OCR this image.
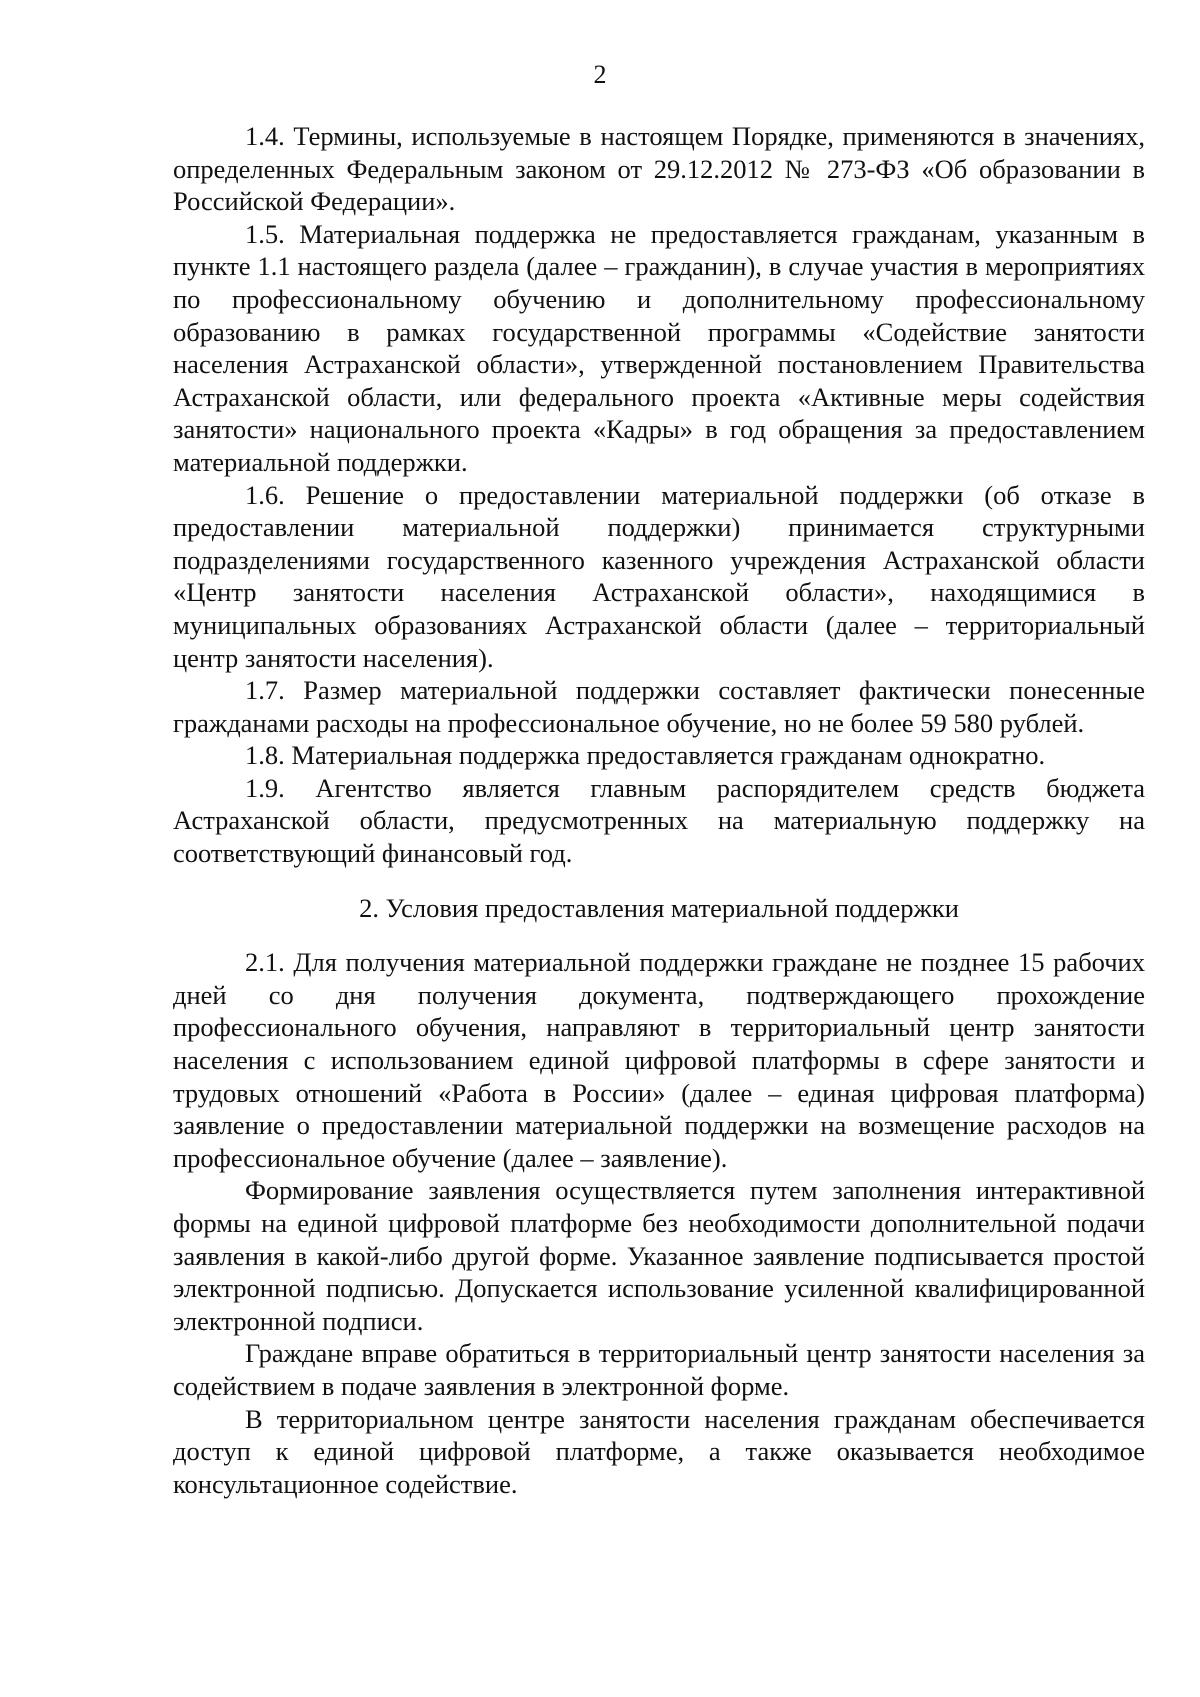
2

1.4. Термины, используемые в настоящем Порядке, применяются в значениях, определенных Федеральным законом от 29.12.2012 № 273-ФЗ «Об образовании в Российской Федерации».

1.5. Материальная поддержка не предоставляется гражданам, указанным в пункте 1.1 настоящего раздела (далее – гражданин), в случае участия в мероприятиях по профессиональному обучению и дополнительному профессиональному образованию в рамках государственной программы «Содействие занятости населения Астраханской области», утвержденной постановлением Правительства Астраханской области, или федерального проекта «Активные меры содействия занятости» национального проекта «Кадры» в год обращения за предоставлением материальной поддержки.

1.6. Решение о предоставлении материальной поддержки (об отказе в предоставлении материальной поддержки) принимается структурными подразделениями государственного казенного учреждения Астраханской области «Центр занятости населения Астраханской области», находящимися в муниципальных образованиях Астраханской области (далее – территориальный центр занятости населения).

1.7. Размер материальной поддержки составляет фактически понесенные гражданами расходы на профессиональное обучение, но не более 59 580 рублей.

1.8. Материальная поддержка предоставляется гражданам однократно.

1.9. Агентство является главным распорядителем средств бюджета Астраханской области, предусмотренных на материальную поддержку на соответствующий финансовый год.

2. Условия предоставления материальной поддержки

2.1. Для получения материальной поддержки граждане не позднее 15 рабочих дней со дня получения документа, подтверждающего прохождение профессионального обучения, направляют в территориальный центр занятости населения с использованием единой цифровой платформы в сфере занятости и трудовых отношений «Работа в России» (далее – единая цифровая платформа) заявление о предоставлении материальной поддержки на возмещение расходов на профессиональное обучение (далее – заявление).

Формирование заявления осуществляется путем заполнения интерактивной формы на единой цифровой платформе без необходимости дополнительной подачи заявления в какой-либо другой форме. Указанное заявление подписывается простой электронной подписью. Допускается использование усиленной квалифицированной электронной подписи.

Граждане вправе обратиться в территориальный центр занятости населения за содействием в подаче заявления в электронной форме.

В территориальном центре занятости населения гражданам обеспечивается доступ к единой цифровой платформе, а также оказывается необходимое консультационное содействие.
